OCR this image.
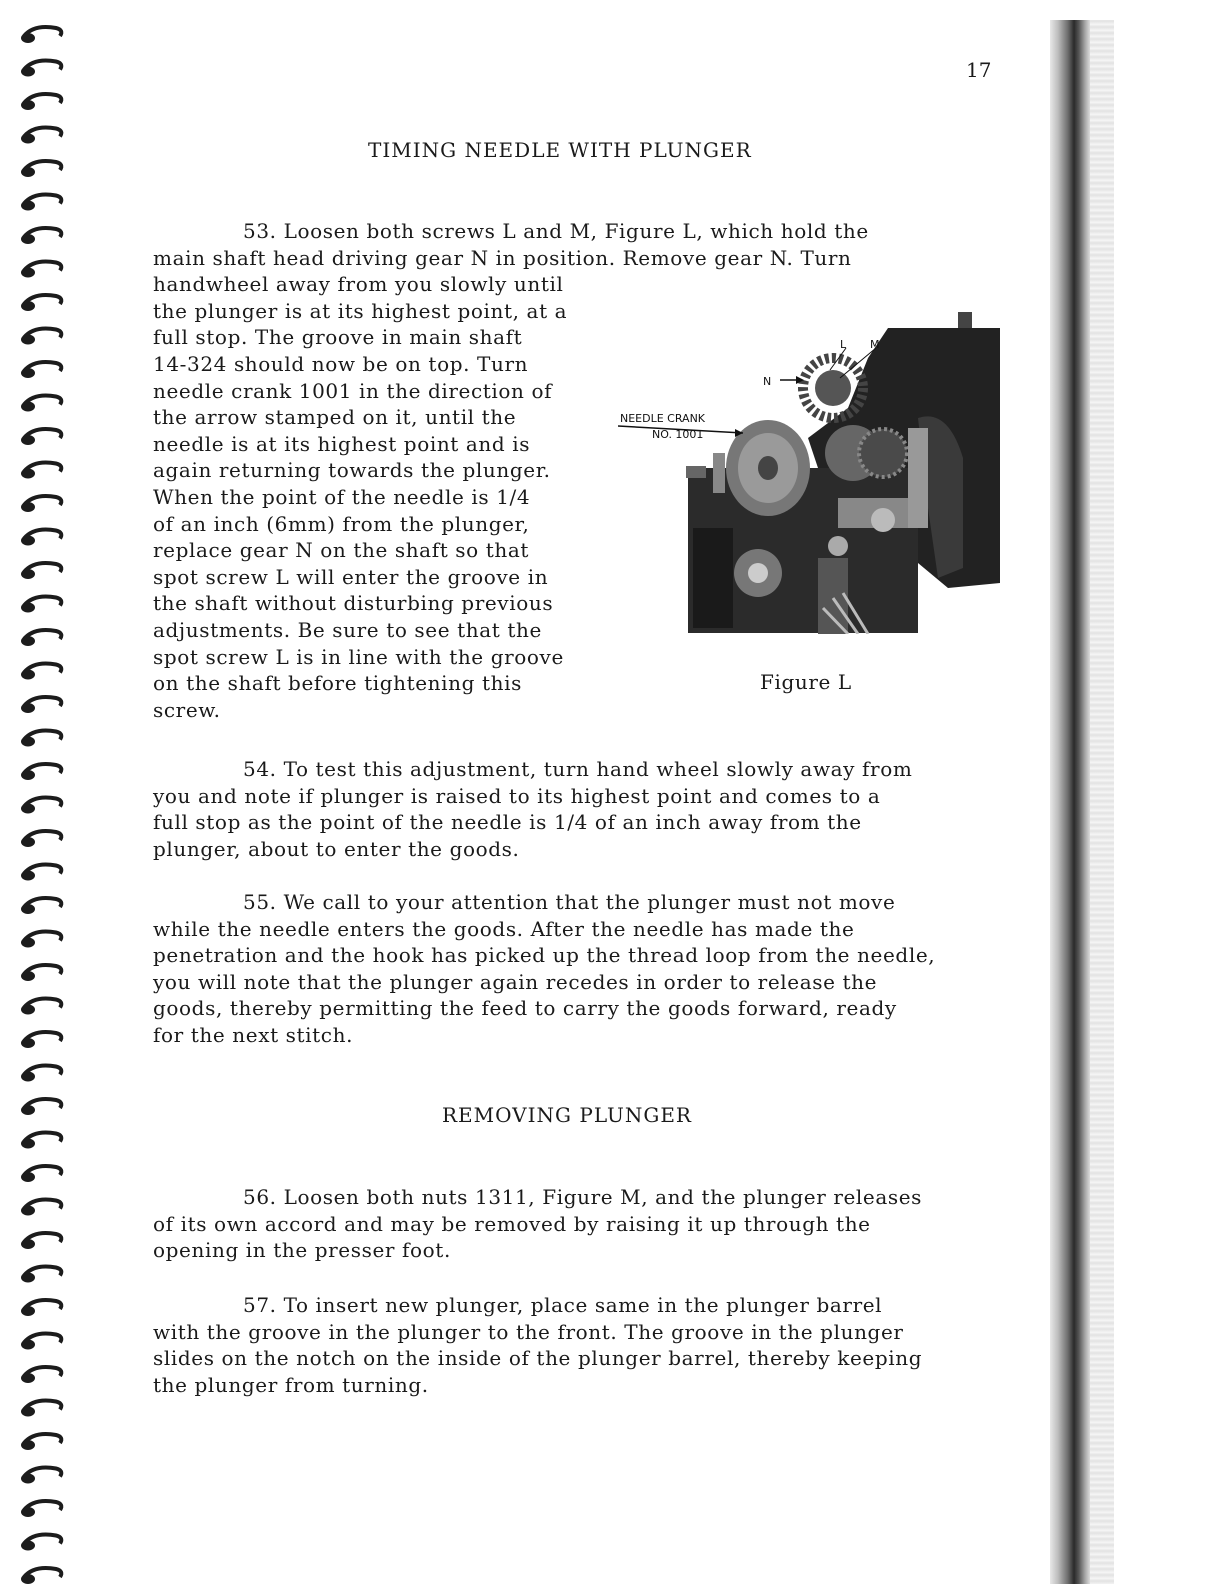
17
TIMING NEEDLE WITH PLUNGER
53. Loosen both screws L and M, Figure L, which hold the
main shaft head driving gear N in position. Remove gear N. Turn
handwheel away from you slowly until
the plunger is at its highest point, at a
full stop. The groove in main shaft
14-324 should now be on top. Turn
needle crank 1001 in the direction of
the arrow stamped on it, until the
needle is at its highest point and is
again returning towards the plunger.
When the point of the needle is 1/4
of an inch (6mm) from the plunger,
replace gear N on the shaft so that
spot screw L will enter the groove in
the shaft without disturbing previous
adjustments. Be sure to see that the
spot screw L is in line with the groove
on the shaft before tightening this
screw.
NEEDLE CRANK
NO. 1001
L M
N
Figure L
54. To test this adjustment, turn hand wheel slowly away from
you and note if plunger is raised to its highest point and comes to a
full stop as the point of the needle is 1/4 of an inch away from the
plunger, about to enter the goods.
55. We call to your attention that the plunger must not move
while the needle enters the goods. After the needle has made the
penetration and the hook has picked up the thread loop from the needle,
you will note that the plunger again recedes in order to release the
goods, thereby permitting the feed to carry the goods forward, ready
for the next stitch.
REMOVING PLUNGER
56. Loosen both nuts 1311, Figure M, and the plunger releases
of its own accord and may be removed by raising it up through the
opening in the presser foot.
57. To insert new plunger, place same in the plunger barrel
with the groove in the plunger to the front. The groove in the plunger
slides on the notch on the inside of the plunger barrel, thereby keeping
the plunger from turning.
